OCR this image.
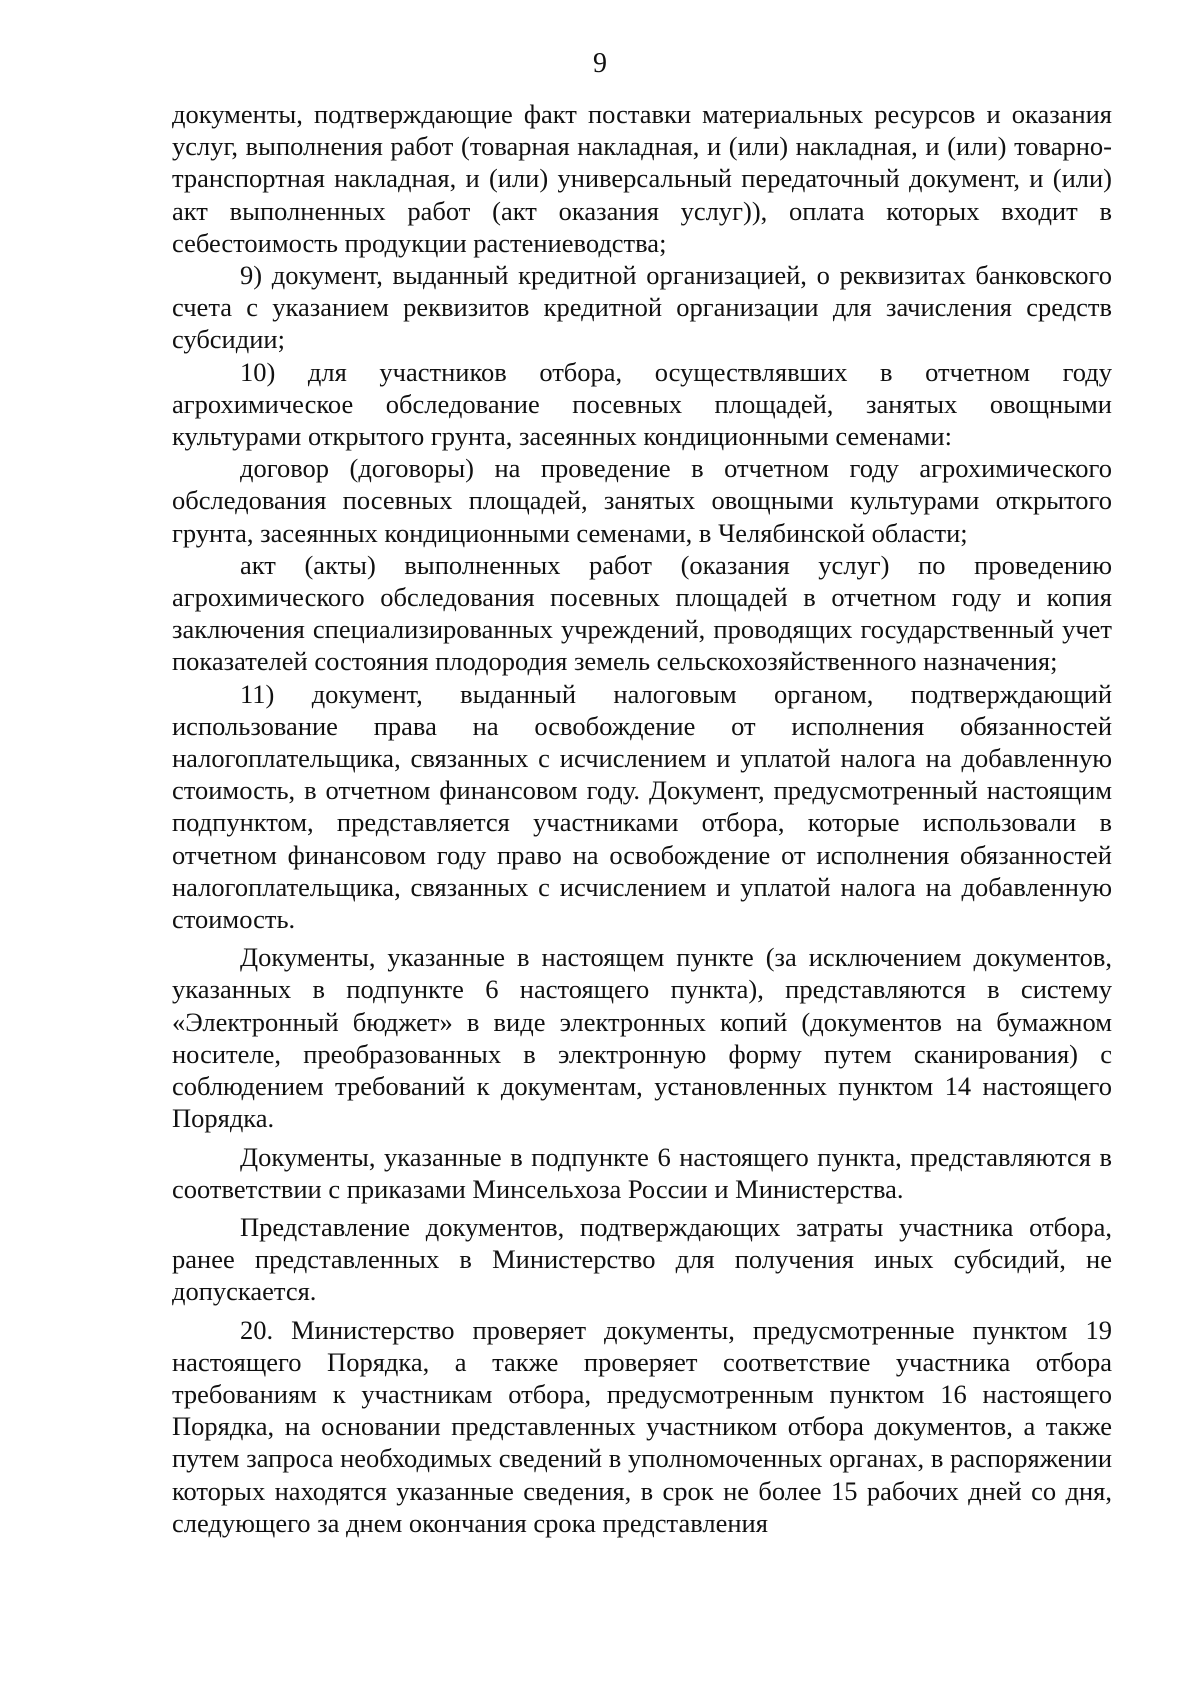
9

документы, подтверждающие факт поставки материальных ресурсов и оказания услуг, выполнения работ (товарная накладная, и (или) накладная, и (или) товарно-транспортная накладная, и (или) универсальный передаточный документ, и (или) акт выполненных работ (акт оказания услуг)), оплата которых входит в себестоимость продукции растениеводства;

9) документ, выданный кредитной организацией, о реквизитах банковского счета с указанием реквизитов кредитной организации для зачисления средств субсидии;

10) для участников отбора, осуществлявших в отчетном году агрохимическое обследование посевных площадей, занятых овощными культурами открытого грунта, засеянных кондиционными семенами:

договор (договоры) на проведение в отчетном году агрохимического обследования посевных площадей, занятых овощными культурами открытого грунта, засеянных кондиционными семенами, в Челябинской области;

акт (акты) выполненных работ (оказания услуг) по проведению агрохимического обследования посевных площадей в отчетном году и копия заключения специализированных учреждений, проводящих государственный учет показателей состояния плодородия земель сельскохозяйственного назначения;

11) документ, выданный налоговым органом, подтверждающий использование права на освобождение от исполнения обязанностей налогоплательщика, связанных с исчислением и уплатой налога на добавленную стоимость, в отчетном финансовом году. Документ, предусмотренный настоящим подпунктом, представляется участниками отбора, которые использовали в отчетном финансовом году право на освобождение от исполнения обязанностей налогоплательщика, связанных с исчислением и уплатой налога на добавленную стоимость.

Документы, указанные в настоящем пункте (за исключением документов, указанных в подпункте 6 настоящего пункта), представляются в систему «Электронный бюджет» в виде электронных копий (документов на бумажном носителе, преобразованных в электронную форму путем сканирования) с соблюдением требований к документам, установленных пунктом 14 настоящего Порядка.

Документы, указанные в подпункте 6 настоящего пункта, представляются в соответствии с приказами Минсельхоза России и Министерства.

Представление документов, подтверждающих затраты участника отбора, ранее представленных в Министерство для получения иных субсидий, не допускается.

20. Министерство проверяет документы, предусмотренные пунктом 19 настоящего Порядка, а также проверяет соответствие участника отбора требованиям к участникам отбора, предусмотренным пунктом 16 настоящего Порядка, на основании представленных участником отбора документов, а также путем запроса необходимых сведений в уполномоченных органах, в распоряжении которых находятся указанные сведения, в срок не более 15 рабочих дней со дня, следующего за днем окончания срока представления
